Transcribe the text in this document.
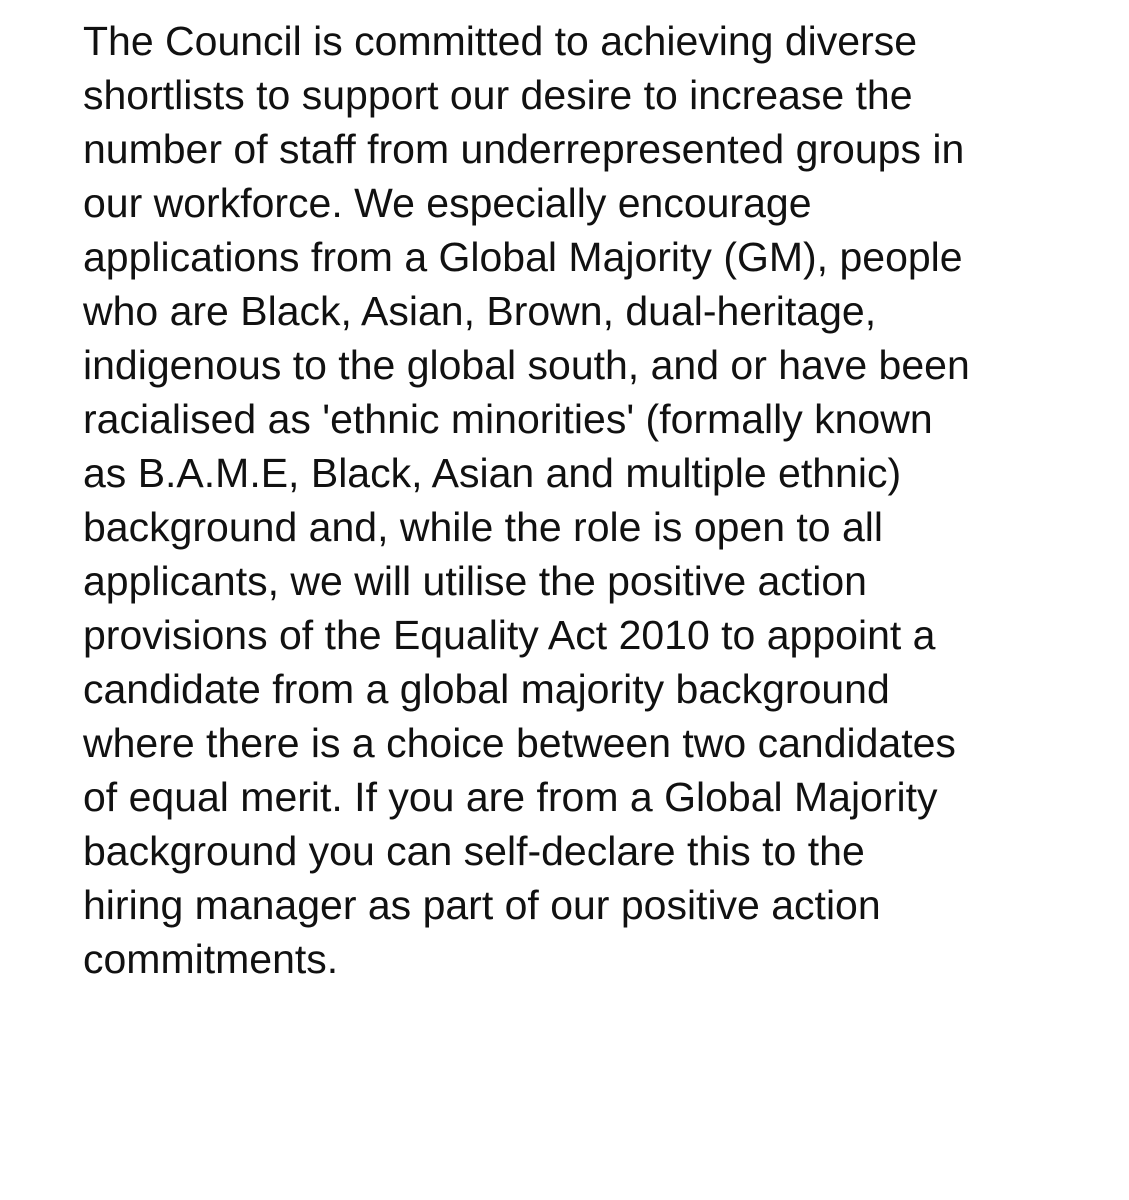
The Council is committed to achieving diverse
shortlists to support our desire to increase the
number of staff from underrepresented groups in
our workforce. We especially encourage
applications from a Global Majority (GM), people
who are Black, Asian, Brown, dual-heritage,
indigenous to the global south, and or have been
racialised as 'ethnic minorities' (formally known
as B.A.M.E, Black, Asian and multiple ethnic)
background and, while the role is open to all
applicants, we will utilise the positive action
provisions of the Equality Act 2010 to appoint a
candidate from a global majority background
where there is a choice between two candidates
of equal merit. If you are from a Global Majority
background you can self-declare this to the
hiring manager as part of our positive action
commitments.
